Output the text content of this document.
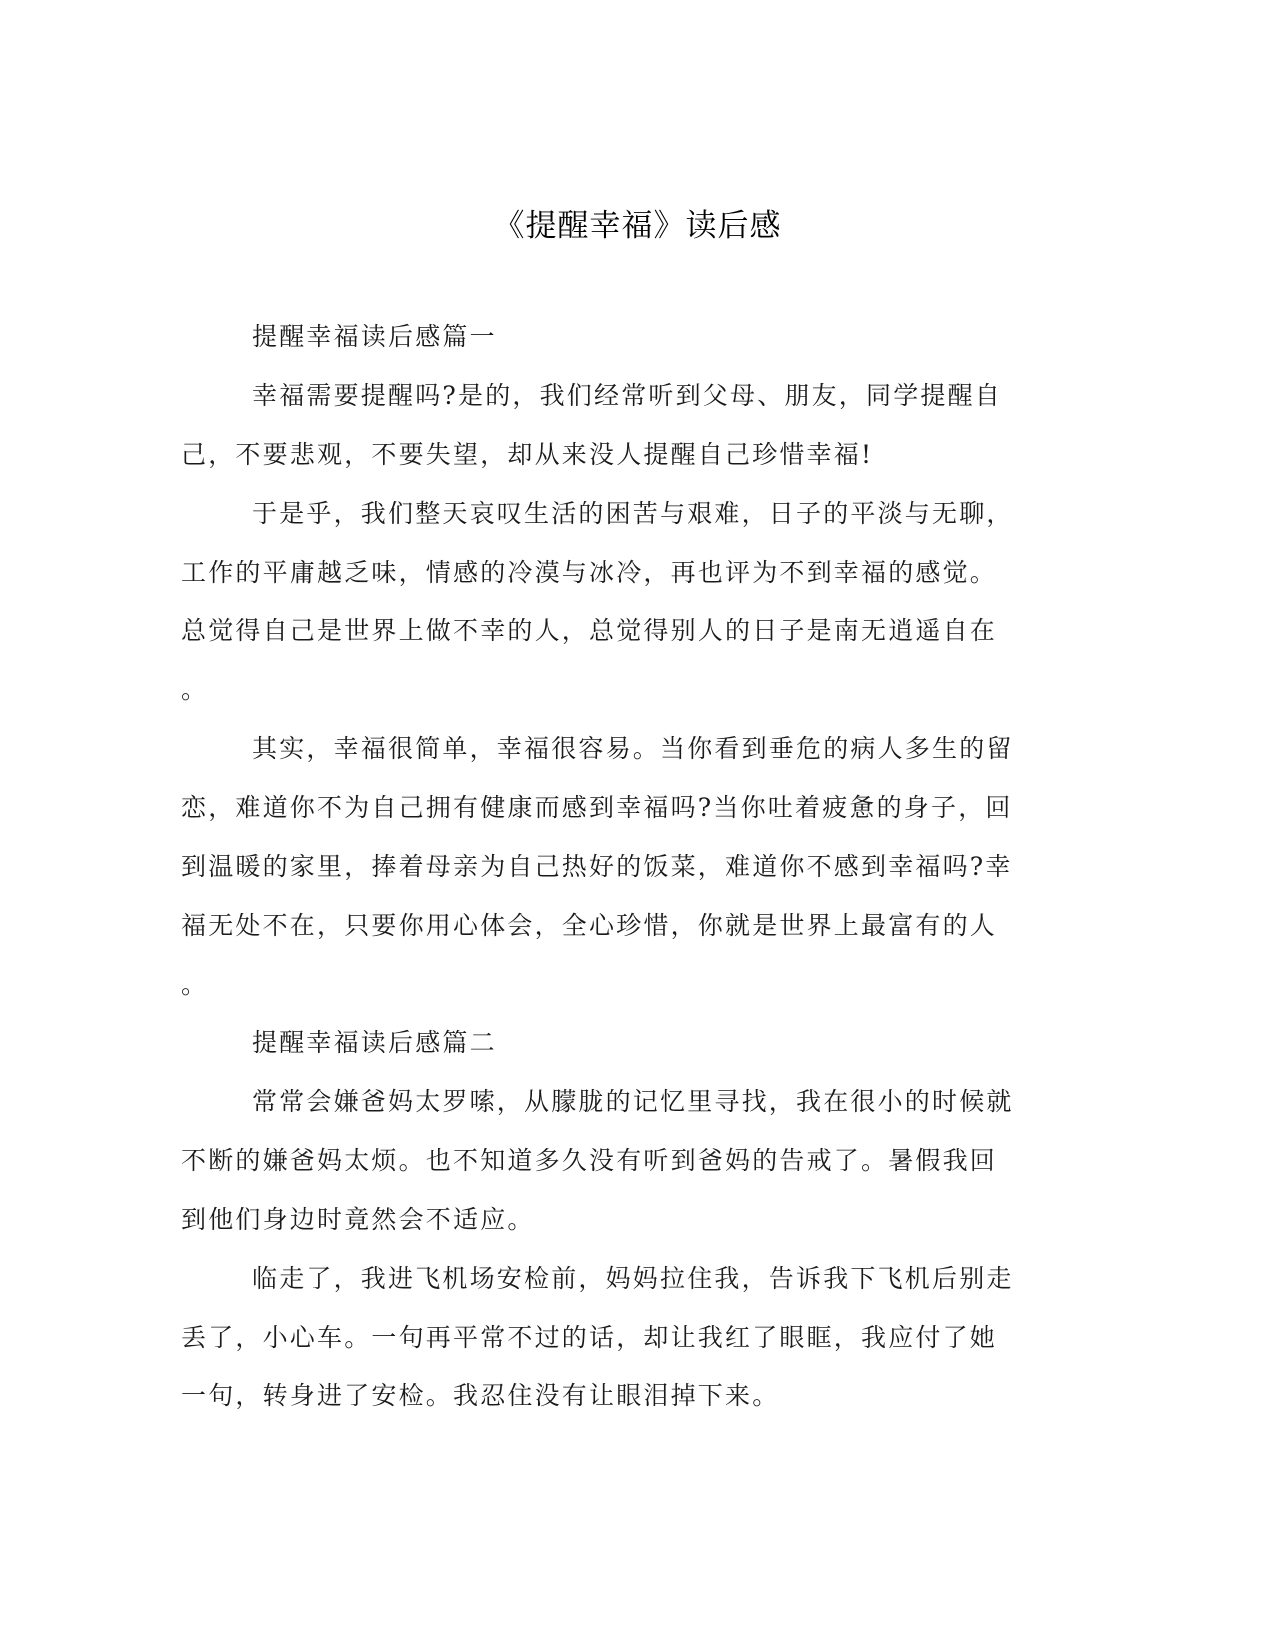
《提醒幸福》读后感
提醒幸福读后感篇一
幸福需要提醒吗?是的，我们经常听到父母、朋友，同学提醒自
己，不要悲观，不要失望，却从来没人提醒自己珍惜幸福!
于是乎，我们整天哀叹生活的困苦与艰难，日子的平淡与无聊，
工作的平庸越乏味，情感的冷漠与冰冷，再也评为不到幸福的感觉。
总觉得自己是世界上做不幸的人，总觉得别人的日子是南无逍遥自在
。
其实，幸福很简单，幸福很容易。当你看到垂危的病人多生的留
恋，难道你不为自己拥有健康而感到幸福吗?当你吐着疲惫的身子，回
到温暖的家里，捧着母亲为自己热好的饭菜，难道你不感到幸福吗?幸
福无处不在，只要你用心体会，全心珍惜，你就是世界上最富有的人
。
提醒幸福读后感篇二
常常会嫌爸妈太罗嗦，从朦胧的记忆里寻找，我在很小的时候就
不断的嫌爸妈太烦。也不知道多久没有听到爸妈的告戒了。暑假我回
到他们身边时竟然会不适应。
临走了，我进飞机场安检前，妈妈拉住我，告诉我下飞机后别走
丢了，小心车。一句再平常不过的话，却让我红了眼眶，我应付了她
一句，转身进了安检。我忍住没有让眼泪掉下来。
